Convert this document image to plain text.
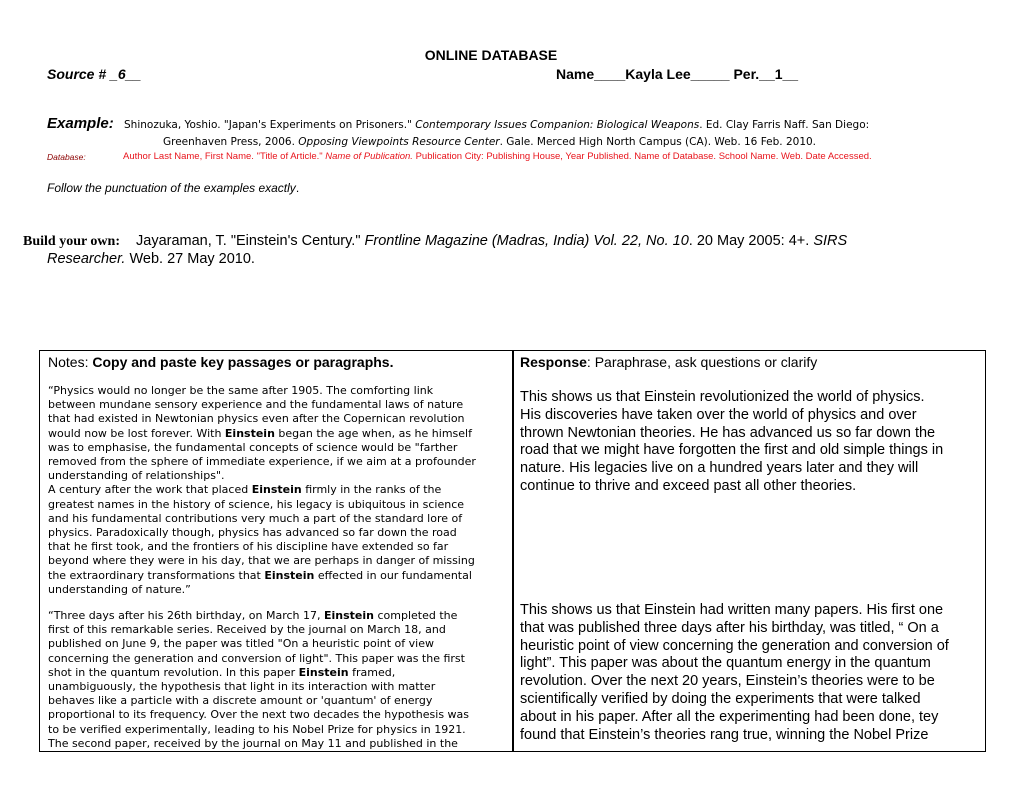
ONLINE DATABASE
Source # _6__	Name____Kayla Lee_____ Per.__1__
Example: Shinozuka, Yoshio. "Japan's Experiments on Prisoners." Contemporary Issues Companion: Biological Weapons. Ed. Clay Farris Naff. San Diego:
Greenhaven Press, 2006. Opposing Viewpoints Resource Center. Gale. Merced High North Campus (CA). Web. 16 Feb. 2010.
Database:	Author Last Name, First Name. "Title of Article." Name of Publication. Publication City: Publishing House, Year Published. Name of Database. School Name. Web. Date Accessed.
Follow the punctuation of the examples exactly.
Build your own: Jayaraman, T. "Einstein's Century." Frontline Magazine (Madras, India) Vol. 22, No. 10. 20 May 2005: 4+. SIRS
Researcher. Web. 27 May 2010.
Notes: Copy and paste key passages or paragraphs.
“Physics would no longer be the same after 1905. The comforting link
between mundane sensory experience and the fundamental laws of nature
that had existed in Newtonian physics even after the Copernican revolution
would now be lost forever. With Einstein began the age when, as he himself
was to emphasise, the fundamental concepts of science would be "farther
removed from the sphere of immediate experience, if we aim at a profounder
understanding of relationships".
A century after the work that placed Einstein firmly in the ranks of the
greatest names in the history of science, his legacy is ubiquitous in science
and his fundamental contributions very much a part of the standard lore of
physics. Paradoxically though, physics has advanced so far down the road
that he first took, and the frontiers of his discipline have extended so far
beyond where they were in his day, that we are perhaps in danger of missing
the extraordinary transformations that Einstein effected in our fundamental
understanding of nature.”
“Three days after his 26th birthday, on March 17, Einstein completed the
first of this remarkable series. Received by the journal on March 18, and
published on June 9, the paper was titled "On a heuristic point of view
concerning the generation and conversion of light". This paper was the first
shot in the quantum revolution. In this paper Einstein framed,
unambiguously, the hypothesis that light in its interaction with matter
behaves like a particle with a discrete amount or 'quantum' of energy
proportional to its frequency. Over the next two decades the hypothesis was
to be verified experimentally, leading to his Nobel Prize for physics in 1921.
The second paper, received by the journal on May 11 and published in the
Response: Paraphrase, ask questions or clarify
This shows us that Einstein revolutionized the world of physics.
His discoveries have taken over the world of physics and over
thrown Newtonian theories. He has advanced us so far down the
road that we might have forgotten the first and old simple things in
nature. His legacies live on a hundred years later and they will
continue to thrive and exceed past all other theories.
This shows us that Einstein had written many papers. His first one
that was published three days after his birthday, was titled, “ On a
heuristic point of view concerning the generation and conversion of
light”. This paper was about the quantum energy in the quantum
revolution. Over the next 20 years, Einstein’s theories were to be
scientifically verified by doing the experiments that were talked
about in his paper. After all the experimenting had been done, tey
found that Einstein’s theories rang true, winning the Nobel Prize
